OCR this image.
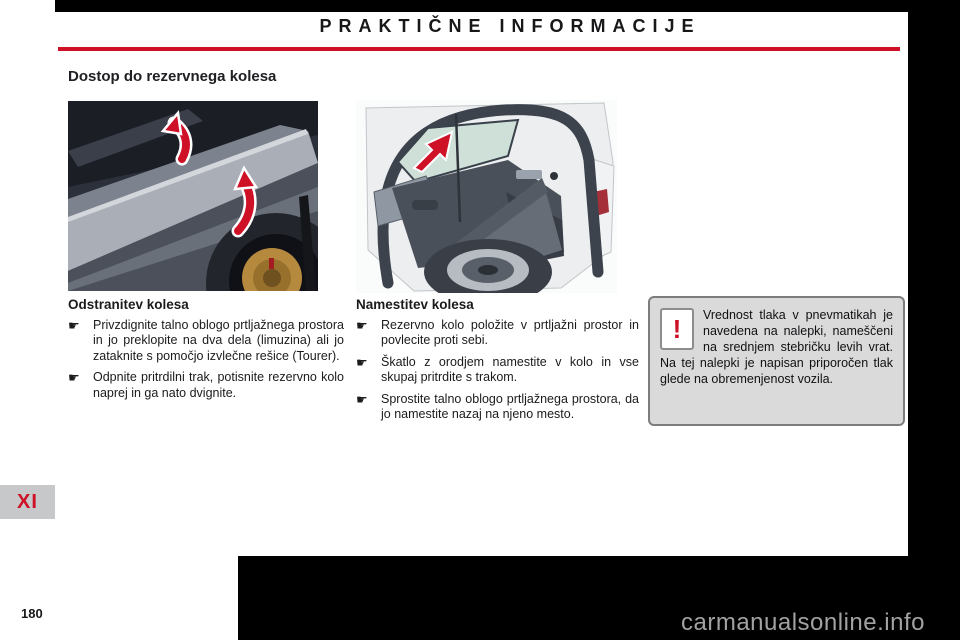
PRAKTIČNE INFORMACIJE
Dostop do rezervnega kolesa

Odstranitev kolesa

☛	Privzdignite talno oblogo prtljažnega prostora in jo preklopite na dva dela (limuzina) ali jo zataknite s pomočjo izvlečne rešice (Tourer).
☛	Odpnite pritrdilni trak, potisnite rezervno kolo naprej in ga nato dvignite.

Namestitev kolesa

☛	Rezervno kolo položite v prtljažni prostor in povlecite proti sebi.
☛	Škatlo z orodjem namestite v kolo in vse skupaj pritrdite s trakom.
☛	Sprostite talno oblogo prtljažnega prostora, da jo namestite nazaj na njeno mesto.
!	Vrednost tlaka v pnevmatikah je navedena na nalepki, nameščeni na srednjem stebričku levih vrat. Na tej nalepki je napisan priporočen tlak glede na obremenjenost vozila.
XI
180	carmanualsonline.info
